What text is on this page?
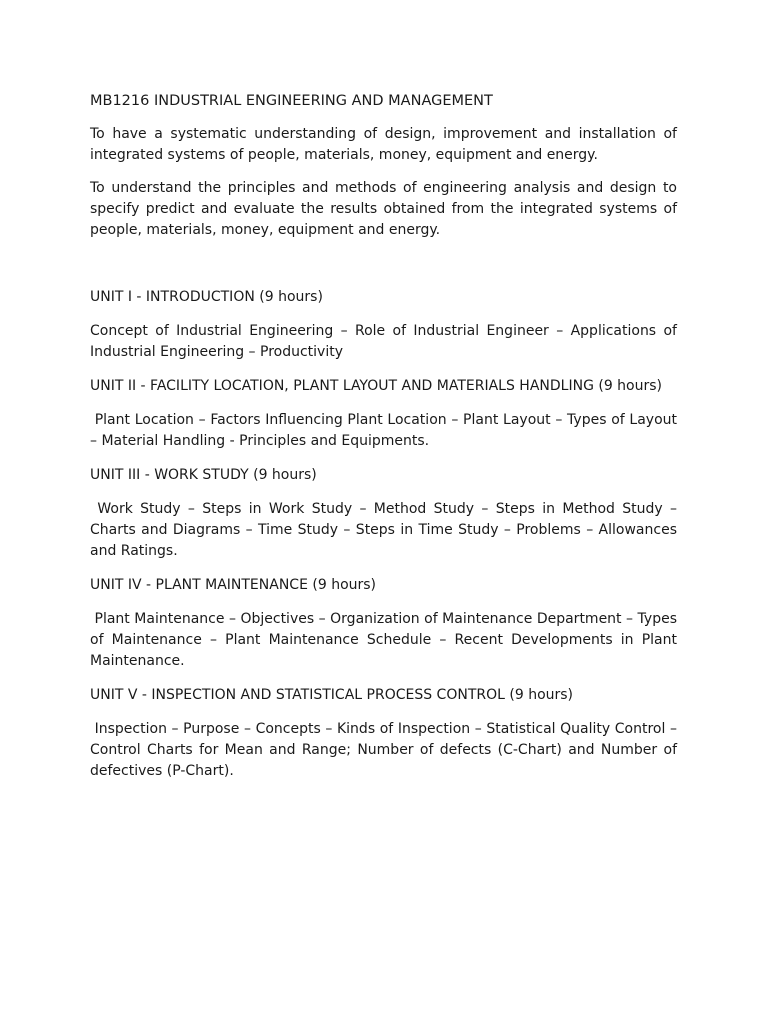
MB1216 INDUSTRIAL ENGINEERING AND MANAGEMENT

To have a systematic understanding of design, improvement and installation of integrated systems of people, materials, money, equipment and energy.

To understand the principles and methods of engineering analysis and design to specify predict and evaluate the results obtained from the integrated systems of people, materials, money, equipment and energy.

UNIT I - INTRODUCTION (9 hours)

Concept of Industrial Engineering – Role of Industrial Engineer – Applications of Industrial Engineering – Productivity

UNIT II - FACILITY LOCATION, PLANT LAYOUT AND MATERIALS HANDLING (9 hours)

Plant Location – Factors Influencing Plant Location – Plant Layout – Types of Layout – Material Handling - Principles and Equipments.

UNIT III - WORK STUDY (9 hours)

Work Study – Steps in Work Study – Method Study – Steps in Method Study – Charts and Diagrams – Time Study – Steps in Time Study – Problems – Allowances and Ratings.

UNIT IV - PLANT MAINTENANCE (9 hours)

Plant Maintenance – Objectives – Organization of Maintenance Department – Types of Maintenance – Plant Maintenance Schedule – Recent Developments in Plant Maintenance.

UNIT V - INSPECTION AND STATISTICAL PROCESS CONTROL (9 hours)

Inspection – Purpose – Concepts – Kinds of Inspection – Statistical Quality Control – Control Charts for Mean and Range; Number of defects (C-Chart) and Number of defectives (P-Chart).
